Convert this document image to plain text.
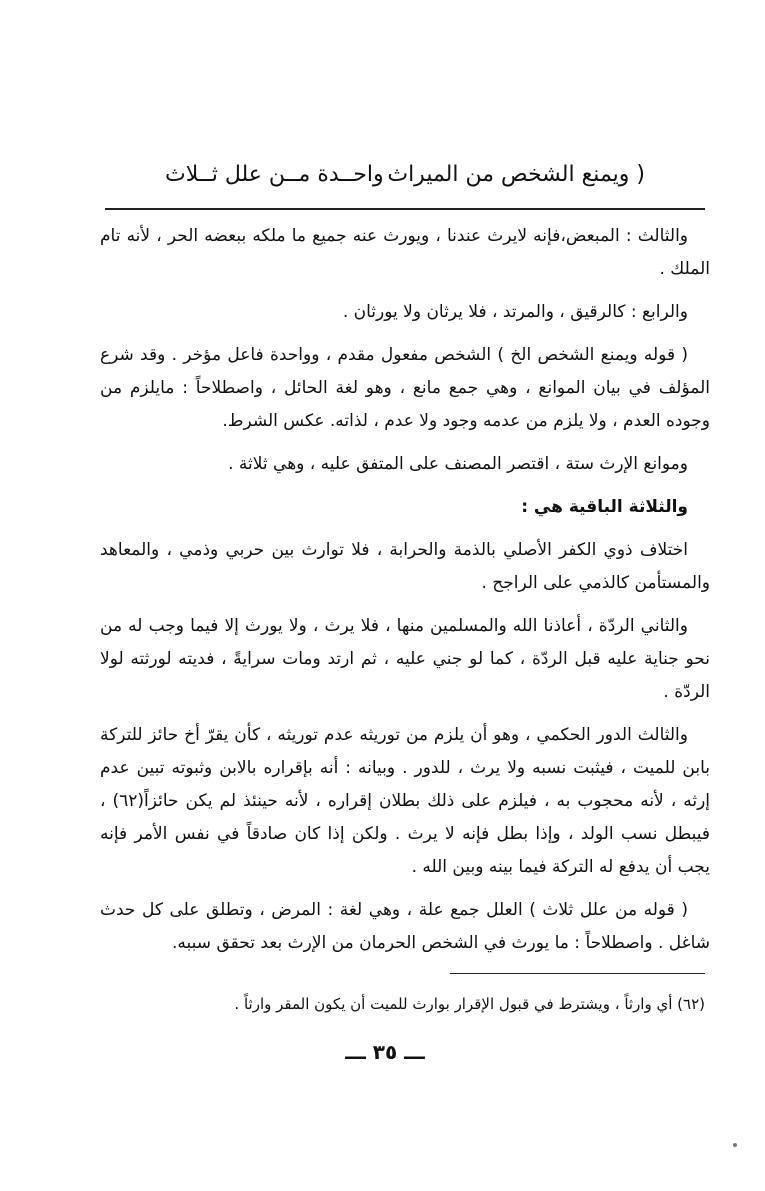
( ويمنع الشخص من الميراث
واحــدة مــن علل ثــلاث

والثالث : المبعض،فإنه لايرث عندنا ، ويورث عنه جميع ما ملكه ببعضه الحر ، لأنه تام الملك .

والرابع : كالرقيق ، والمرتد ، فلا يرثان ولا يورثان .

( قوله ويمنع الشخص الخ ) الشخص مفعول مقدم ، وواحدة فاعل مؤخر . وقد شرع المؤلف في بيان الموانع ، وهي جمع مانع ، وهو لغة الحائل ، واصطلاحاً : مايلزم من وجوده العدم ، ولا يلزم من عدمه وجود ولا عدم ، لذاته. عكس الشرط.

وموانع الإرث ستة ، اقتصر المصنف على المتفق عليه ، وهي ثلاثة .

والثلاثة الباقية هي :

اختلاف ذوي الكفر الأصلي بالذمة والحرابة ، فلا توارث بين حربي وذمي ، والمعاهد والمستأمن كالذمي على الراجح .

والثاني الردّة ، أعاذنا الله والمسلمين منها ، فلا يرث ، ولا يورث إلا فيما وجب له من نحو جناية عليه قبل الردّة ، كما لو جني عليه ، ثم ارتد ومات سرايةً ، فديته لورثته لولا الردّة .

والثالث الدور الحكمي ، وهو أن يلزم من توريثه عدم توريثه ، كأن يقرّ أخ حائز للتركة بابن للميت ، فيثبت نسبه ولا يرث ، للدور . وبيانه : أنه بإقراره بالابن وثبوته تبين عدم إرثه ، لأنه محجوب به ، فيلزم على ذلك بطلان إقراره ، لأنه حينئذ لم يكن حائزاً(٦٢) ، فيبطل نسب الولد ، وإذا بطل فإنه لا يرث . ولكن إذا كان صادقاً في نفس الأمر فإنه يجب أن يدفع له التركة فيما بينه وبين الله .

( قوله من علل ثلاث ) العلل جمع علة ، وهي لغة : المرض ، وتطلق على كل حدث شاغل . واصطلاحاً : ما يورث في الشخص الحرمان من الإرث بعد تحقق سببه.

(٦٢) أي وارثاً ، ويشترط في قبول الإقرار بوارث للميت أن يكون المقر وارثاً .
ـــ ٣٥ ـــ
